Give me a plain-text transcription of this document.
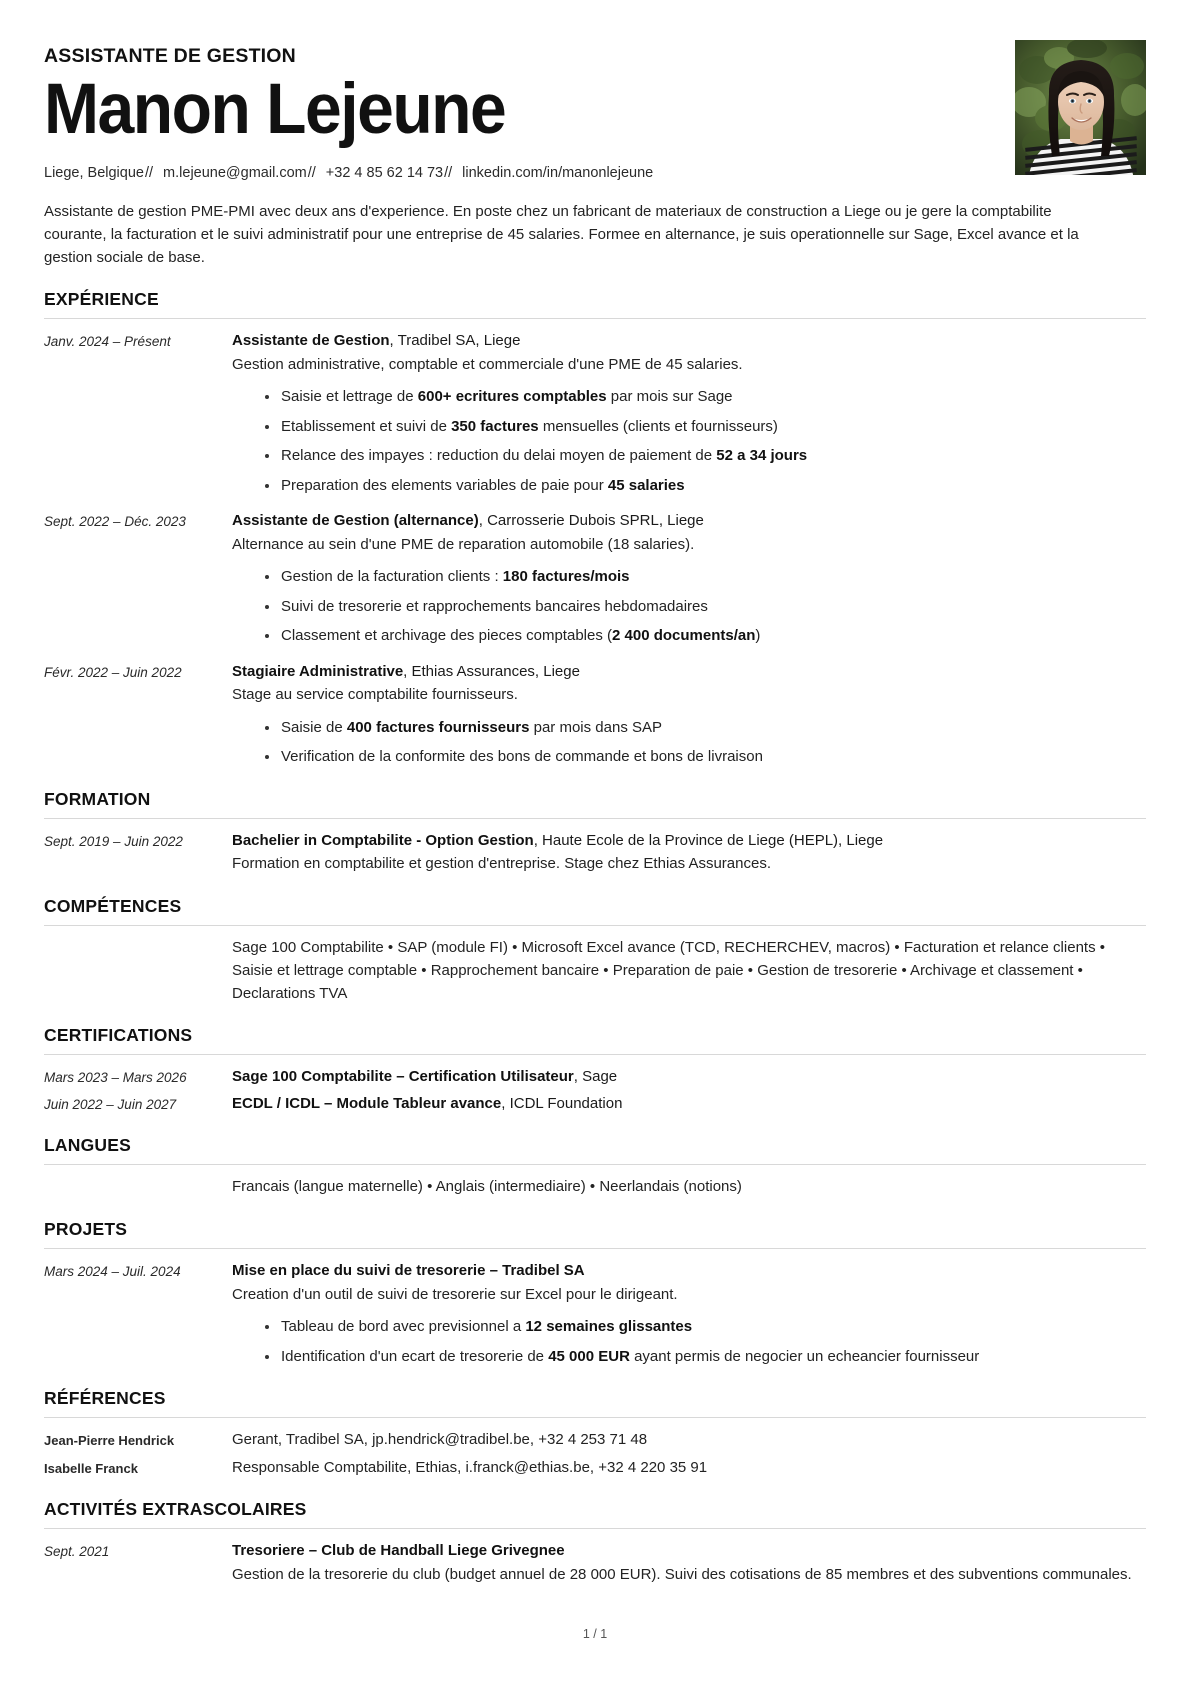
ASSISTANTE DE GESTION
Manon Lejeune
Liege, Belgique// m.lejeune@gmail.com// +32 4 85 62 14 73// linkedin.com/in/manonlejeune
Assistante de gestion PME-PMI avec deux ans d'experience. En poste chez un fabricant de materiaux de construction a Liege ou je gere la comptabilite courante, la facturation et le suivi administratif pour une entreprise de 45 salaries. Formee en alternance, je suis operationnelle sur Sage, Excel avance et la gestion sociale de base.
EXPÉRIENCE
Janv. 2024 – Présent	Assistante de Gestion, Tradibel SA, Liege

Gestion administrative, comptable et commerciale d'une PME de 45 salaries.

Saisie et lettrage de 600+ ecritures comptables par mois sur Sage
Etablissement et suivi de 350 factures mensuelles (clients et fournisseurs)
Relance des impayes : reduction du delai moyen de paiement de 52 a 34 jours
Preparation des elements variables de paie pour 45 salaries
Sept. 2022 – Déc. 2023	Assistante de Gestion (alternance), Carrosserie Dubois SPRL, Liege

Alternance au sein d'une PME de reparation automobile (18 salaries).

Gestion de la facturation clients : 180 factures/mois
Suivi de tresorerie et rapprochements bancaires hebdomadaires
Classement et archivage des pieces comptables (2 400 documents/an)
Févr. 2022 – Juin 2022	Stagiaire Administrative, Ethias Assurances, Liege

Stage au service comptabilite fournisseurs.

Saisie de 400 factures fournisseurs par mois dans SAP
Verification de la conformite des bons de commande et bons de livraison
FORMATION
Sept. 2019 – Juin 2022	Bachelier in Comptabilite - Option Gestion, Haute Ecole de la Province de Liege (HEPL), Liege

Formation en comptabilite et gestion d'entreprise. Stage chez Ethias Assurances.

COMPÉTENCES
Sage 100 Comptabilite • SAP (module FI) • Microsoft Excel avance (TCD, RECHERCHEV, macros) • Facturation et relance clients • Saisie et lettrage comptable • Rapprochement bancaire • Preparation de paie • Gestion de tresorerie • Archivage et classement • Declarations TVA
CERTIFICATIONS
Mars 2023 – Mars 2026	Sage 100 Comptabilite – Certification Utilisateur, Sage

Juin 2022 – Juin 2027	ECDL / ICDL – Module Tableur avance, ICDL Foundation

LANGUES
Francais (langue maternelle) • Anglais (intermediaire) • Neerlandais (notions)
PROJETS
Mars 2024 – Juil. 2024	Mise en place du suivi de tresorerie – Tradibel SA

Creation d'un outil de suivi de tresorerie sur Excel pour le dirigeant.

Tableau de bord avec previsionnel a 12 semaines glissantes
Identification d'un ecart de tresorerie de 45 000 EUR ayant permis de negocier un echeancier fournisseur
RÉFÉRENCES
Jean-Pierre Hendrick	Gerant, Tradibel SA, jp.hendrick@tradibel.be, +32 4 253 71 48

Isabelle Franck	Responsable Comptabilite, Ethias, i.franck@ethias.be, +32 4 220 35 91

ACTIVITÉS EXTRASCOLAIRES
Sept. 2021	Tresoriere – Club de Handball Liege Grivegnee

Gestion de la tresorerie du club (budget annuel de 28 000 EUR). Suivi des cotisations de 85 membres et des subventions communales.

1 / 1
